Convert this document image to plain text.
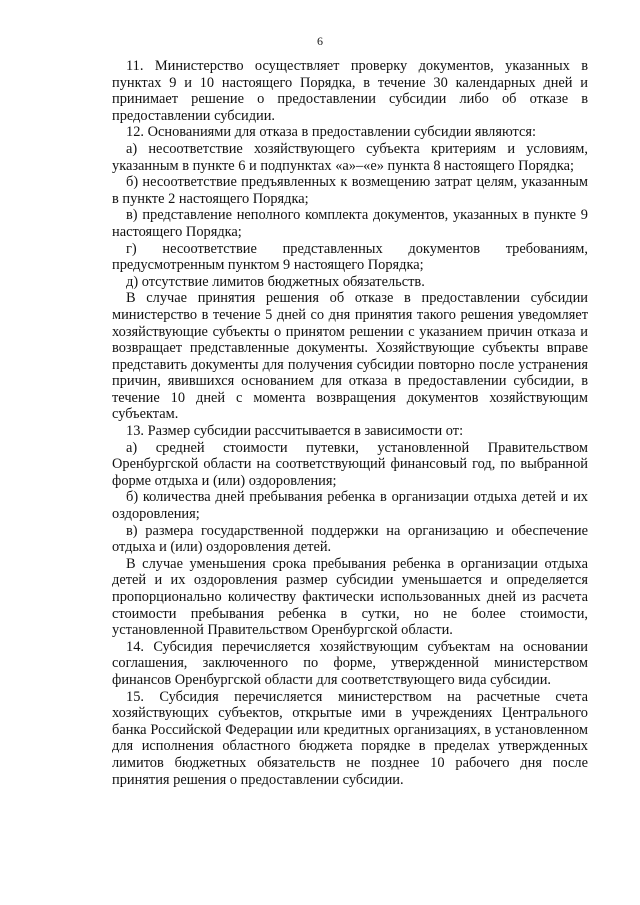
6

11. Министерство осуществляет проверку документов, указанных в пунктах 9 и 10 настоящего Порядка, в течение 30 календарных дней и принимает решение о предоставлении субсидии либо об отказе в предоставлении субсидии.

12. Основаниями для отказа в предоставлении субсидии являются:

а) несоответствие хозяйствующего субъекта критериям и условиям, указанным в пункте 6 и подпунктах «а»–«е» пункта 8 настоящего Порядка;

б) несоответствие предъявленных к возмещению затрат целям, указанным в пункте 2 настоящего Порядка;

в) представление неполного комплекта документов, указанных в пункте 9 настоящего Порядка;

г) несоответствие представленных документов требованиям, предусмотренным пунктом 9 настоящего Порядка;

д) отсутствие лимитов бюджетных обязательств.

В случае принятия решения об отказе в предоставлении субсидии министерство в течение 5 дней со дня принятия такого решения уведомляет хозяйствующие субъекты о принятом решении с указанием причин отказа и возвращает представленные документы. Хозяйствующие субъекты вправе представить документы для получения субсидии повторно после устранения причин, явившихся основанием для отказа в предоставлении субсидии, в течение 10 дней с момента возвращения документов хозяйствующим субъектам.

13. Размер субсидии рассчитывается в зависимости от:

а) средней стоимости путевки, установленной Правительством Оренбургской области на соответствующий финансовый год, по выбранной форме отдыха и (или) оздоровления;

б) количества дней пребывания ребенка в организации отдыха детей и их оздоровления;

в) размера государственной поддержки на организацию и обеспечение отдыха и (или) оздоровления детей.

В случае уменьшения срока пребывания ребенка в организации отдыха детей и их оздоровления размер субсидии уменьшается и определяется пропорционально количеству фактически использованных дней из расчета стоимости пребывания ребенка в сутки, но не более стоимости, установленной Правительством Оренбургской области.

14. Субсидия перечисляется хозяйствующим субъектам на основании соглашения, заключенного по форме, утвержденной министерством финансов Оренбургской области для соответствующего вида субсидии.

15. Субсидия перечисляется министерством на расчетные счета хозяйствующих субъектов, открытые ими в учреждениях Центрального банка Российской Федерации или кредитных организациях, в установленном для исполнения областного бюджета порядке в пределах утвержденных лимитов бюджетных обязательств не позднее 10 рабочего дня после принятия решения о предоставлении субсидии.
